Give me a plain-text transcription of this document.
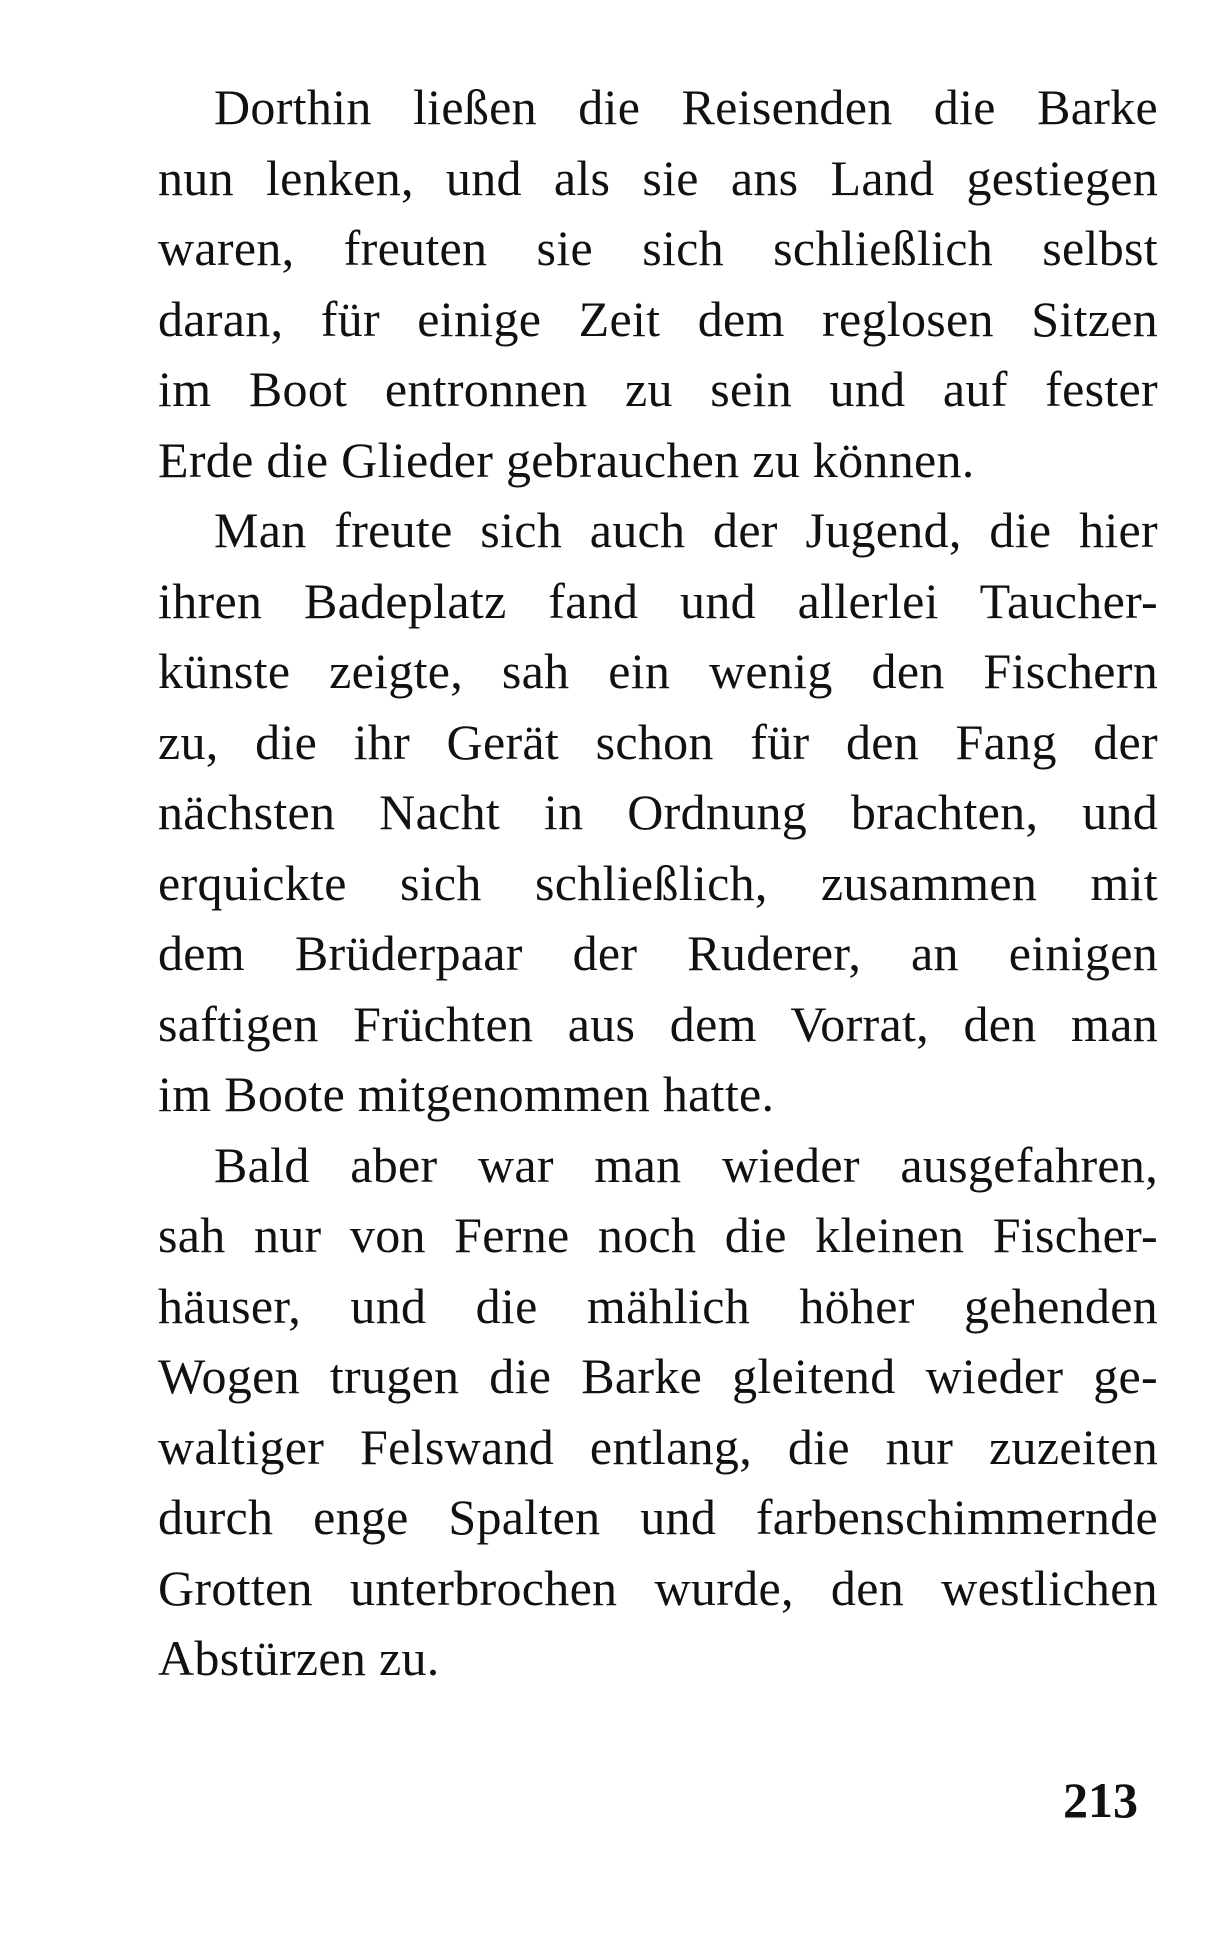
Dorthin ließen die Reisenden die Barke
nun lenken, und als sie ans Land gestiegen
waren, freuten sie sich schließlich selbst
daran, für einige Zeit dem reglosen Sitzen
im Boot entronnen zu sein und auf fester
Erde die Glieder gebrauchen zu können.
Man freute sich auch der Jugend, die hier
ihren Badeplatz fand und allerlei Taucher-
künste zeigte, sah ein wenig den Fischern
zu, die ihr Gerät schon für den Fang der
nächsten Nacht in Ordnung brachten, und
erquickte sich schließlich, zusammen mit
dem Brüderpaar der Ruderer, an einigen
saftigen Früchten aus dem Vorrat, den man
im Boote mitgenommen hatte.
Bald aber war man wieder ausgefahren,
sah nur von Ferne noch die kleinen Fischer-
häuser, und die mählich höher gehenden
Wogen trugen die Barke gleitend wieder ge-
waltiger Felswand entlang, die nur zuzeiten
durch enge Spalten und farbenschimmernde
Grotten unterbrochen wurde, den westlichen
Abstürzen zu.
213
